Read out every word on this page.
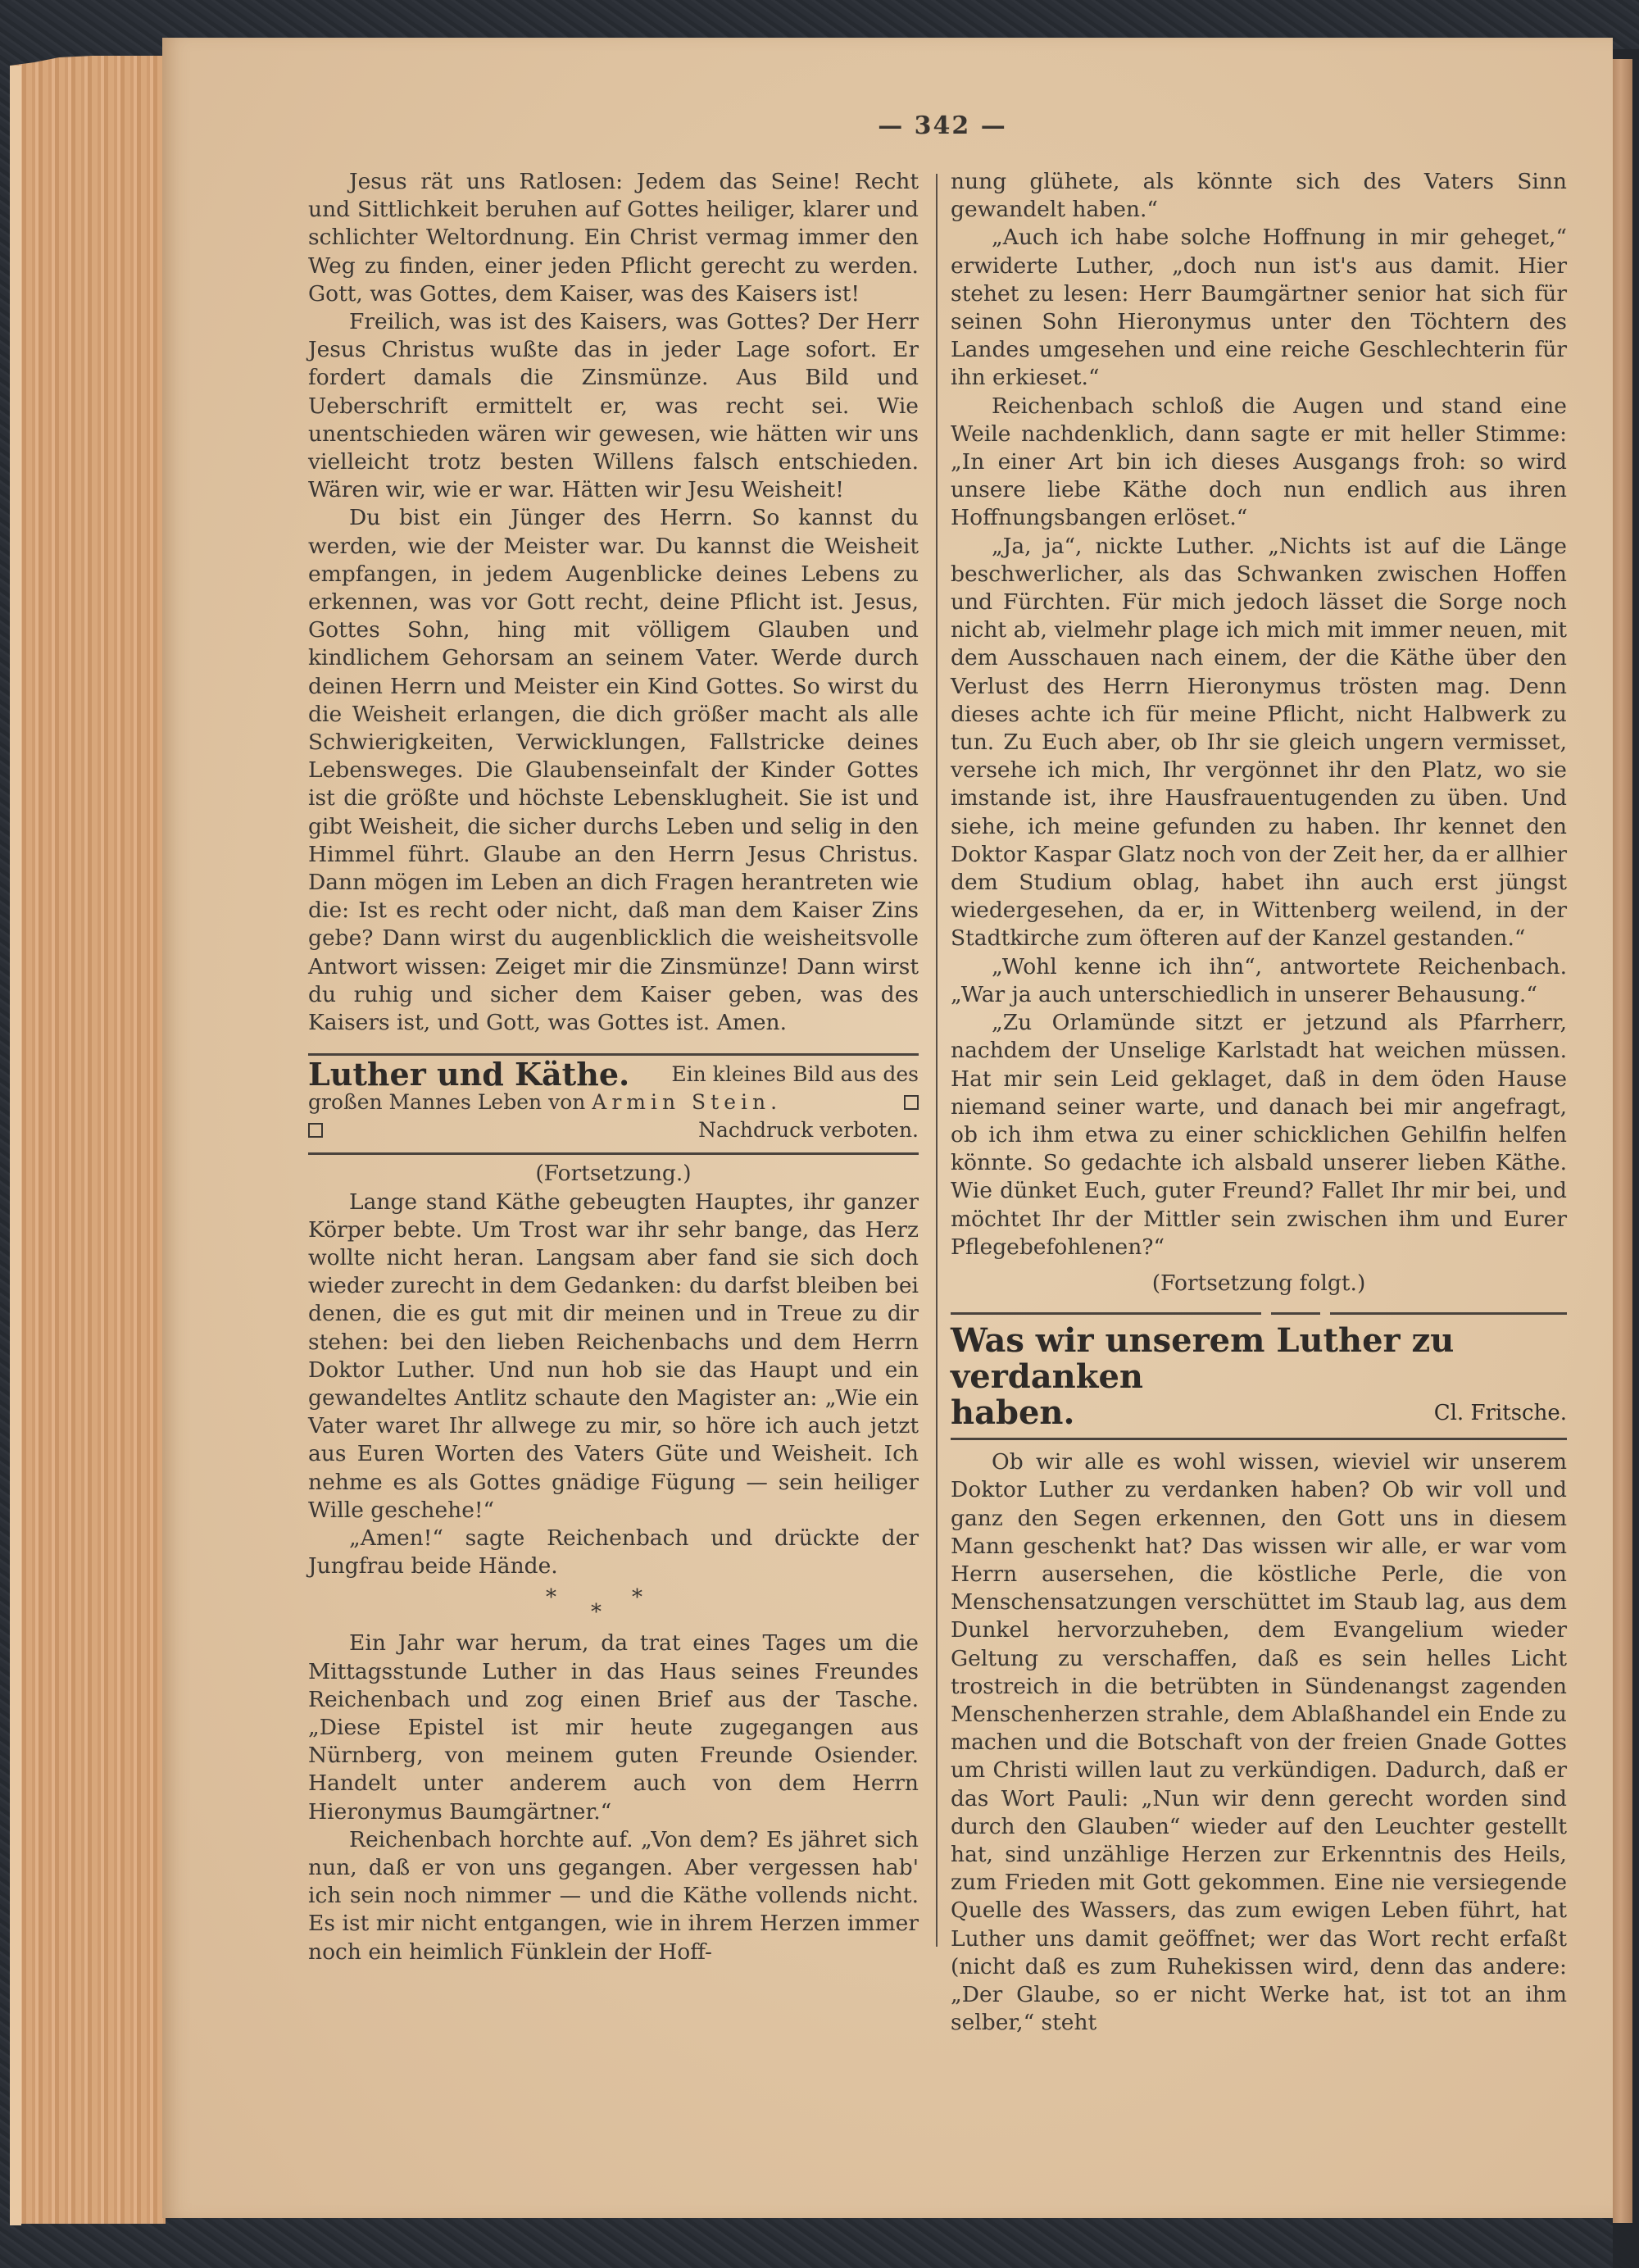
— 342 —

Jesus rät uns Ratlosen: Jedem das Seine! Recht und Sittlichkeit beruhen auf Gottes heiliger, klarer und schlichter Weltordnung. Ein Christ vermag immer den Weg zu finden, einer jeden Pflicht gerecht zu werden. Gott, was Gottes, dem Kaiser, was des Kaisers ist!

Freilich, was ist des Kaisers, was Gottes? Der Herr Jesus Christus wußte das in jeder Lage sofort. Er fordert damals die Zinsmünze. Aus Bild und Ueberschrift ermittelt er, was recht sei. Wie unentschieden wären wir gewesen, wie hätten wir uns vielleicht trotz besten Willens falsch entschieden. Wären wir, wie er war. Hätten wir Jesu Weisheit!

Du bist ein Jünger des Herrn. So kannst du werden, wie der Meister war. Du kannst die Weisheit empfangen, in jedem Augenblicke deines Lebens zu erkennen, was vor Gott recht, deine Pflicht ist. Jesus, Gottes Sohn, hing mit völligem Glauben und kindlichem Gehorsam an seinem Vater. Werde durch deinen Herrn und Meister ein Kind Gottes. So wirst du die Weisheit erlangen, die dich größer macht als alle Schwierigkeiten, Verwicklungen, Fallstricke deines Lebensweges. Die Glaubenseinfalt der Kinder Gottes ist die größte und höchste Lebensklugheit. Sie ist und gibt Weisheit, die sicher durchs Leben und selig in den Himmel führt. Glaube an den Herrn Jesus Christus. Dann mögen im Leben an dich Fragen herantreten wie die: Ist es recht oder nicht, daß man dem Kaiser Zins gebe? Dann wirst du augenblicklich die weisheitsvolle Antwort wissen: Zeiget mir die Zinsmünze! Dann wirst du ruhig und sicher dem Kaiser geben, was des Kaisers ist, und Gott, was Gottes ist. Amen.

Luther und Käthe. Ein kleines Bild aus des
großen Mannes Leben von Armin Stein.
Nachdruck verboten.

(Fortsetzung.)

Lange stand Käthe gebeugten Hauptes, ihr ganzer Körper bebte. Um Trost war ihr sehr bange, das Herz wollte nicht heran. Langsam aber fand sie sich doch wieder zurecht in dem Gedanken: du darfst bleiben bei denen, die es gut mit dir meinen und in Treue zu dir stehen: bei den lieben Reichenbachs und dem Herrn Doktor Luther. Und nun hob sie das Haupt und ein gewandeltes Antlitz schaute den Magister an: „Wie ein Vater waret Ihr allwege zu mir, so höre ich auch jetzt aus Euren Worten des Vaters Güte und Weisheit. Ich nehme es als Gottes gnädige Fügung — sein heiliger Wille geschehe!“

„Amen!“ sagte Reichenbach und drückte der Jungfrau beide Hände.

*
*
*

Ein Jahr war herum, da trat eines Tages um die Mittagsstunde Luther in das Haus seines Freundes Reichenbach und zog einen Brief aus der Tasche. „Diese Epistel ist mir heute zugegangen aus Nürnberg, von meinem guten Freunde Osiender. Handelt unter anderem auch von dem Herrn Hieronymus Baumgärtner.“

Reichenbach horchte auf. „Von dem? Es jähret sich nun, daß er von uns gegangen. Aber vergessen hab' ich sein noch nimmer — und die Käthe vollends nicht. Es ist mir nicht entgangen, wie in ihrem Herzen immer noch ein heimlich Fünklein der Hoff-

nung glühete, als könnte sich des Vaters Sinn gewandelt haben.“

„Auch ich habe solche Hoffnung in mir geheget,“ erwiderte Luther, „doch nun ist's aus damit. Hier stehet zu lesen: Herr Baumgärtner senior hat sich für seinen Sohn Hieronymus unter den Töchtern des Landes umgesehen und eine reiche Geschlechterin für ihn erkieset.“

Reichenbach schloß die Augen und stand eine Weile nachdenklich, dann sagte er mit heller Stimme: „In einer Art bin ich dieses Ausgangs froh: so wird unsere liebe Käthe doch nun endlich aus ihren Hoffnungsbangen erlöset.“

„Ja, ja“, nickte Luther. „Nichts ist auf die Länge beschwerlicher, als das Schwanken zwischen Hoffen und Fürchten. Für mich jedoch lässet die Sorge noch nicht ab, vielmehr plage ich mich mit immer neuen, mit dem Ausschauen nach einem, der die Käthe über den Verlust des Herrn Hieronymus trösten mag. Denn dieses achte ich für meine Pflicht, nicht Halbwerk zu tun. Zu Euch aber, ob Ihr sie gleich ungern vermisset, versehe ich mich, Ihr vergönnet ihr den Platz, wo sie imstande ist, ihre Hausfrauentugenden zu üben. Und siehe, ich meine gefunden zu haben. Ihr kennet den Doktor Kaspar Glatz noch von der Zeit her, da er allhier dem Studium oblag, habet ihn auch erst jüngst wiedergesehen, da er, in Wittenberg weilend, in der Stadtkirche zum öfteren auf der Kanzel gestanden.“

„Wohl kenne ich ihn“, antwortete Reichenbach. „War ja auch unterschiedlich in unserer Behausung.“

„Zu Orlamünde sitzt er jetzund als Pfarrherr, nachdem der Unselige Karlstadt hat weichen müssen. Hat mir sein Leid geklaget, daß in dem öden Hause niemand seiner warte, und danach bei mir angefragt, ob ich ihm etwa zu einer schicklichen Gehilfin helfen könnte. So gedachte ich alsbald unserer lieben Käthe. Wie dünket Euch, guter Freund? Fallet Ihr mir bei, und möchtet Ihr der Mittler sein zwischen ihm und Eurer Pflegebefohlenen?“

(Fortsetzung folgt.)

Was wir unserem Luther zu verdanken
haben.	Cl. Fritsche.

Ob wir alle es wohl wissen, wieviel wir unserem Doktor Luther zu verdanken haben? Ob wir voll und ganz den Segen erkennen, den Gott uns in diesem Mann geschenkt hat? Das wissen wir alle, er war vom Herrn ausersehen, die köstliche Perle, die von Menschensatzungen verschüttet im Staub lag, aus dem Dunkel hervorzuheben, dem Evangelium wieder Geltung zu verschaffen, daß es sein helles Licht trostreich in die betrübten in Sündenangst zagenden Menschenherzen strahle, dem Ablaßhandel ein Ende zu machen und die Botschaft von der freien Gnade Gottes um Christi willen laut zu verkündigen. Dadurch, daß er das Wort Pauli: „Nun wir denn gerecht worden sind durch den Glauben“ wieder auf den Leuchter gestellt hat, sind unzählige Herzen zur Erkenntnis des Heils, zum Frieden mit Gott gekommen. Eine nie versiegende Quelle des Wassers, das zum ewigen Leben führt, hat Luther uns damit geöffnet; wer das Wort recht erfaßt (nicht daß es zum Ruhekissen wird, denn das andere: „Der Glaube, so er nicht Werke hat, ist tot an ihm selber,“ steht
